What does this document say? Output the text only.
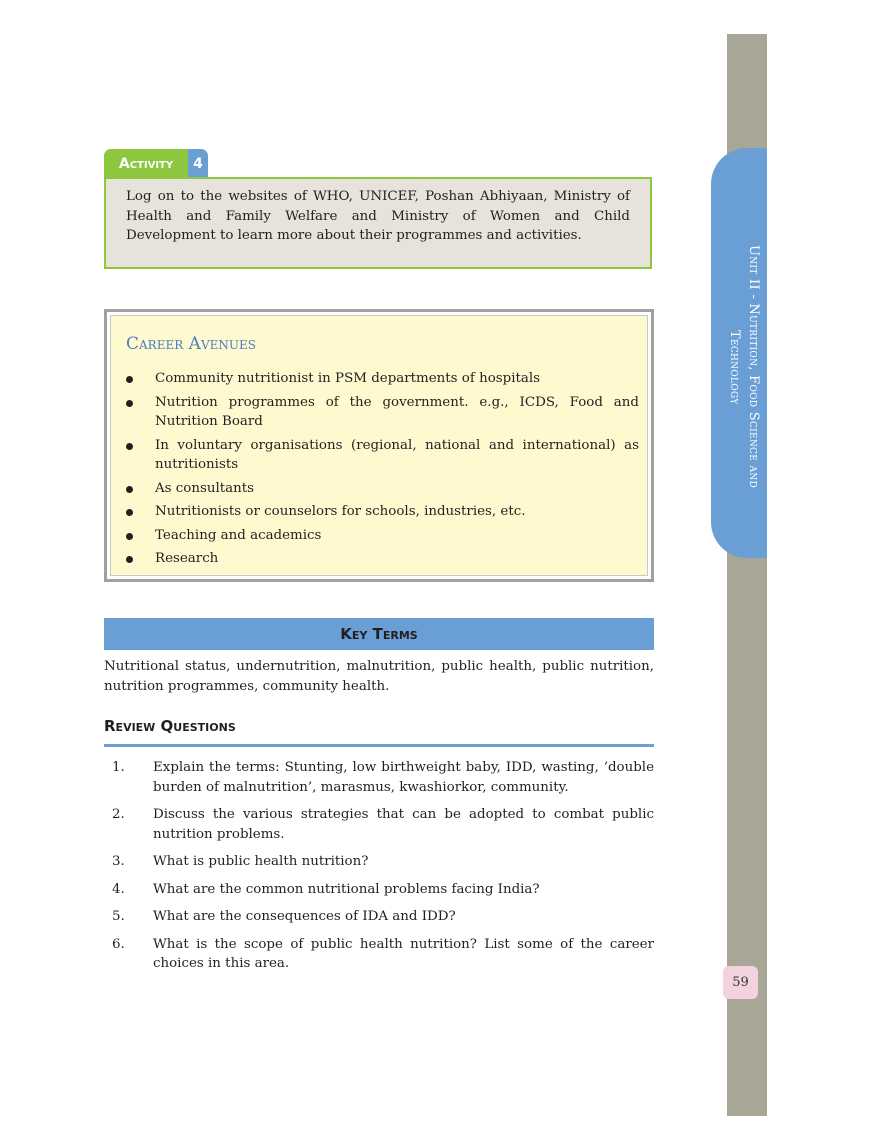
Unit II - Nutrition, Food Science and Technology
59
Activity	4

Log on to the websites of WHO, UNICEF, Poshan Abhiyaan, Ministry of Health and Family Welfare and Ministry of Women and Child Development to learn more about their programmes and activities.

Career Avenues
Community nutritionist in PSM departments of hospitals
Nutrition programmes of the government. e.g., ICDS, Food and Nutrition Board
In voluntary organisations (regional, national and international) as nutritionists
As consultants
Nutritionists or counselors for schools, industries, etc.
Teaching and academics
Research
Key Terms

Nutritional status, undernutrition, malnutrition, public health, public nutrition, nutrition programmes, community health.

Review Questions
1. Explain the terms: Stunting, low birthweight baby, IDD, wasting, ‘double burden of malnutrition’, marasmus, kwashiorkor, community.
2. Discuss the various strategies that can be adopted to combat public nutrition problems.
3. What is public health nutrition?
4. What are the common nutritional problems facing India?
5. What are the consequences of IDA and IDD?
6. What is the scope of public health nutrition? List some of the career choices in this area.
